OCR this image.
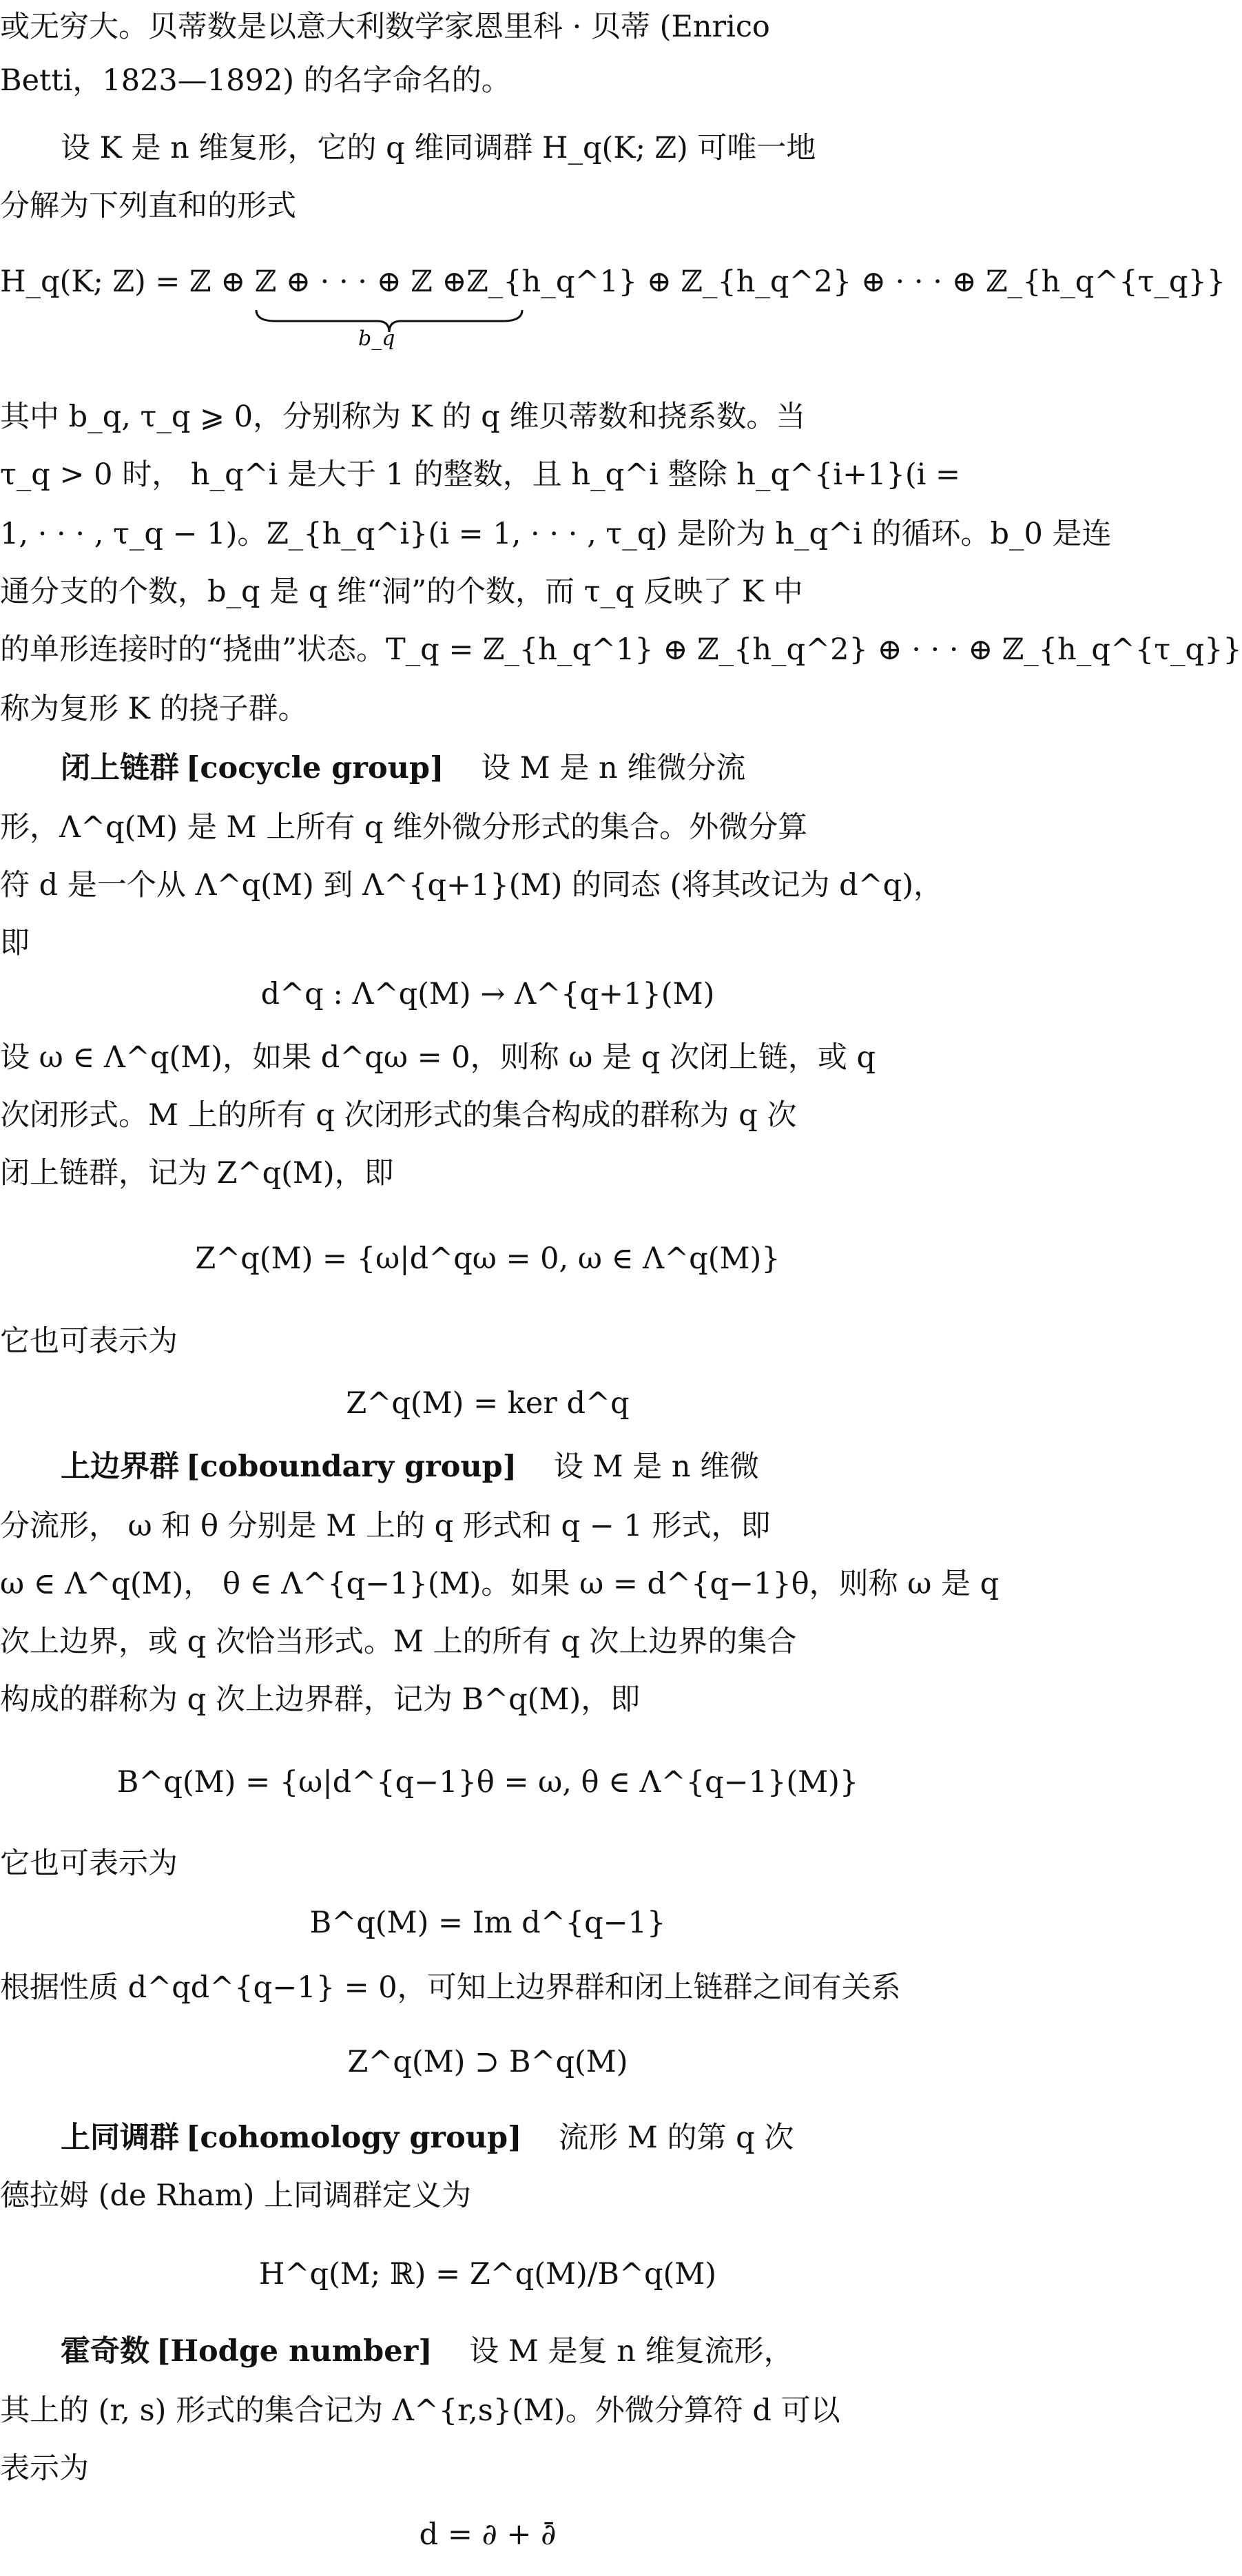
或无穷大。贝蒂数是以意大利数学家恩里科 · 贝蒂 (Enrico
Betti，1823—1892) 的名字命名的。
设 K 是 n 维复形，它的 q 维同调群 H_q(K; ℤ) 可唯一地
分解为下列直和的形式
H_q(K; ℤ) = ℤ ⊕ ℤ ⊕ · · · ⊕ ℤ ⊕ℤ_{h_q^1} ⊕ ℤ_{h_q^2} ⊕ · · · ⊕ ℤ_{h_q^{τ_q}}
b_q
其中 b_q, τ_q ⩾ 0，分别称为 K 的 q 维贝蒂数和挠系数。当
τ_q > 0 时， h_q^i 是大于 1 的整数，且 h_q^i 整除 h_q^{i+1}(i =
1, · · · , τ_q − 1)。ℤ_{h_q^i}(i = 1, · · · , τ_q) 是阶为 h_q^i 的循环。b_0 是连
通分支的个数，b_q 是 q 维“洞”的个数，而 τ_q 反映了 K 中
的单形连接时的“挠曲”状态。T_q = ℤ_{h_q^1} ⊕ ℤ_{h_q^2} ⊕ · · · ⊕ ℤ_{h_q^{τ_q}}
称为复形 K 的挠子群。
闭上链群 [cocycle group] 设 M 是 n 维微分流
形，Λ^q(M) 是 M 上所有 q 维外微分形式的集合。外微分算
符 d 是一个从 Λ^q(M) 到 Λ^{q+1}(M) 的同态 (将其改记为 d^q)，
即
d^q : Λ^q(M) → Λ^{q+1}(M)
设 ω ∈ Λ^q(M)，如果 d^qω = 0，则称 ω 是 q 次闭上链，或 q
次闭形式。M 上的所有 q 次闭形式的集合构成的群称为 q 次
闭上链群，记为 Z^q(M)，即
Z^q(M) = {ω|d^qω = 0, ω ∈ Λ^q(M)}
它也可表示为
Z^q(M) = ker d^q
上边界群 [coboundary group] 设 M 是 n 维微
分流形， ω 和 θ 分别是 M 上的 q 形式和 q − 1 形式，即
ω ∈ Λ^q(M)， θ ∈ Λ^{q−1}(M)。如果 ω = d^{q−1}θ，则称 ω 是 q
次上边界，或 q 次恰当形式。M 上的所有 q 次上边界的集合
构成的群称为 q 次上边界群，记为 B^q(M)，即
B^q(M) = {ω|d^{q−1}θ = ω, θ ∈ Λ^{q−1}(M)}
它也可表示为
B^q(M) = Im d^{q−1}
根据性质 d^qd^{q−1} = 0，可知上边界群和闭上链群之间有关系
Z^q(M) ⊃ B^q(M)
上同调群 [cohomology group] 流形 M 的第 q 次
德拉姆 (de Rham) 上同调群定义为
H^q(M; ℝ) = Z^q(M)/B^q(M)
霍奇数 [Hodge number] 设 M 是复 n 维复流形，
其上的 (r, s) 形式的集合记为 Λ^{r,s}(M)。外微分算符 d 可以
表示为
d = ∂ + ∂̄
